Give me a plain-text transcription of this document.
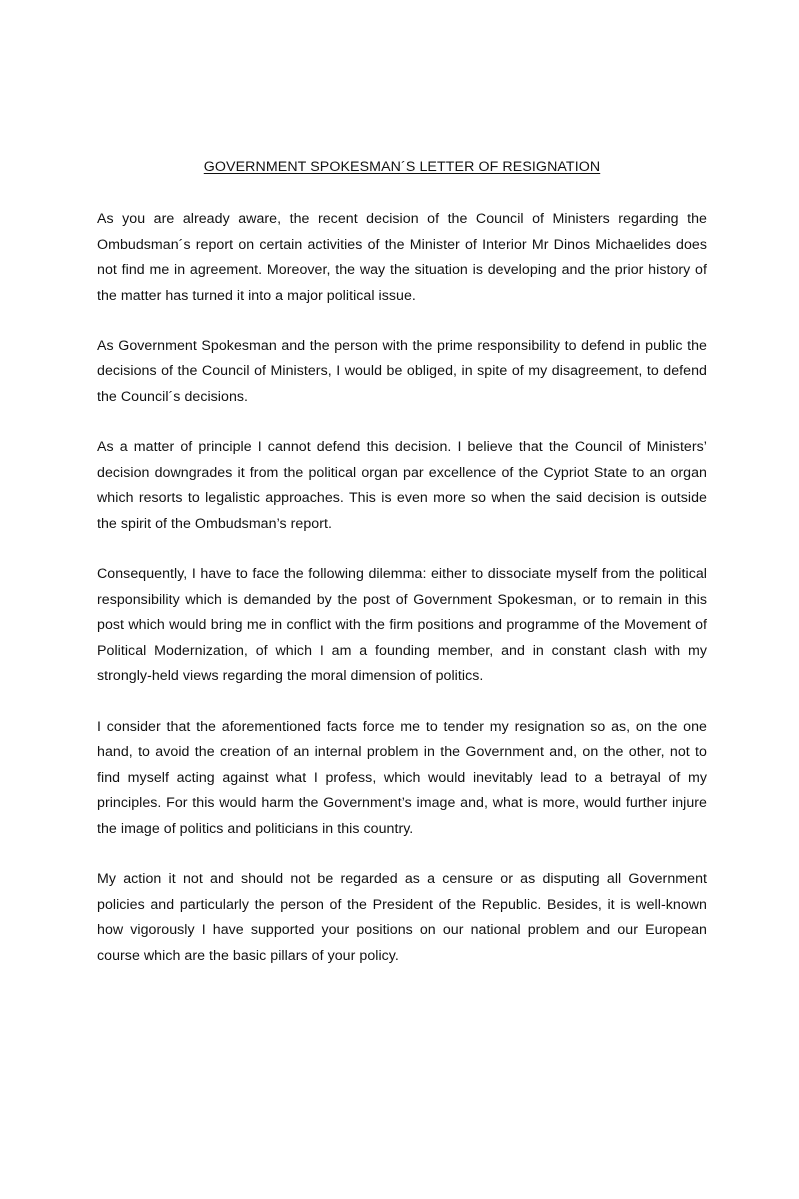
GOVERNMENT SPOKESMAN´S LETTER OF RESIGNATION

As you are already aware, the recent decision of the Council of Ministers regarding the Ombudsman´s report on certain activities of the Minister of Interior Mr Dinos Michaelides does not find me in agreement. Moreover, the way the situation is developing and the prior history of the matter has turned it into a major political issue.

As Government Spokesman and the person with the prime responsibility to defend in public the decisions of the Council of Ministers, I would be obliged, in spite of my disagreement, to defend the Council´s decisions.

As a matter of principle I cannot defend this decision. I believe that the Council of Ministers’ decision downgrades it from the political organ par excellence of the Cypriot State to an organ which resorts to legalistic approaches. This is even more so when the said decision is outside the spirit of the Ombudsman’s report.

Consequently, I have to face the following dilemma: either to dissociate myself from the political responsibility which is demanded by the post of Government Spokesman, or to remain in this post which would bring me in conflict with the firm positions and programme of the Movement of Political Modernization, of which I am a founding member, and in constant clash with my strongly-held views regarding the moral dimension of politics.

I consider that the aforementioned facts force me to tender my resignation so as, on the one hand, to avoid the creation of an internal problem in the Government and, on the other, not to find myself acting against what I profess, which would inevitably lead to a betrayal of my principles. For this would harm the Government’s image and, what is more, would further injure the image of politics and politicians in this country.

My action it not and should not be regarded as a censure or as disputing all Government policies and particularly the person of the President of the Republic. Besides, it is well-known how vigorously I have supported your positions on our national problem and our European course which are the basic pillars of your policy.
